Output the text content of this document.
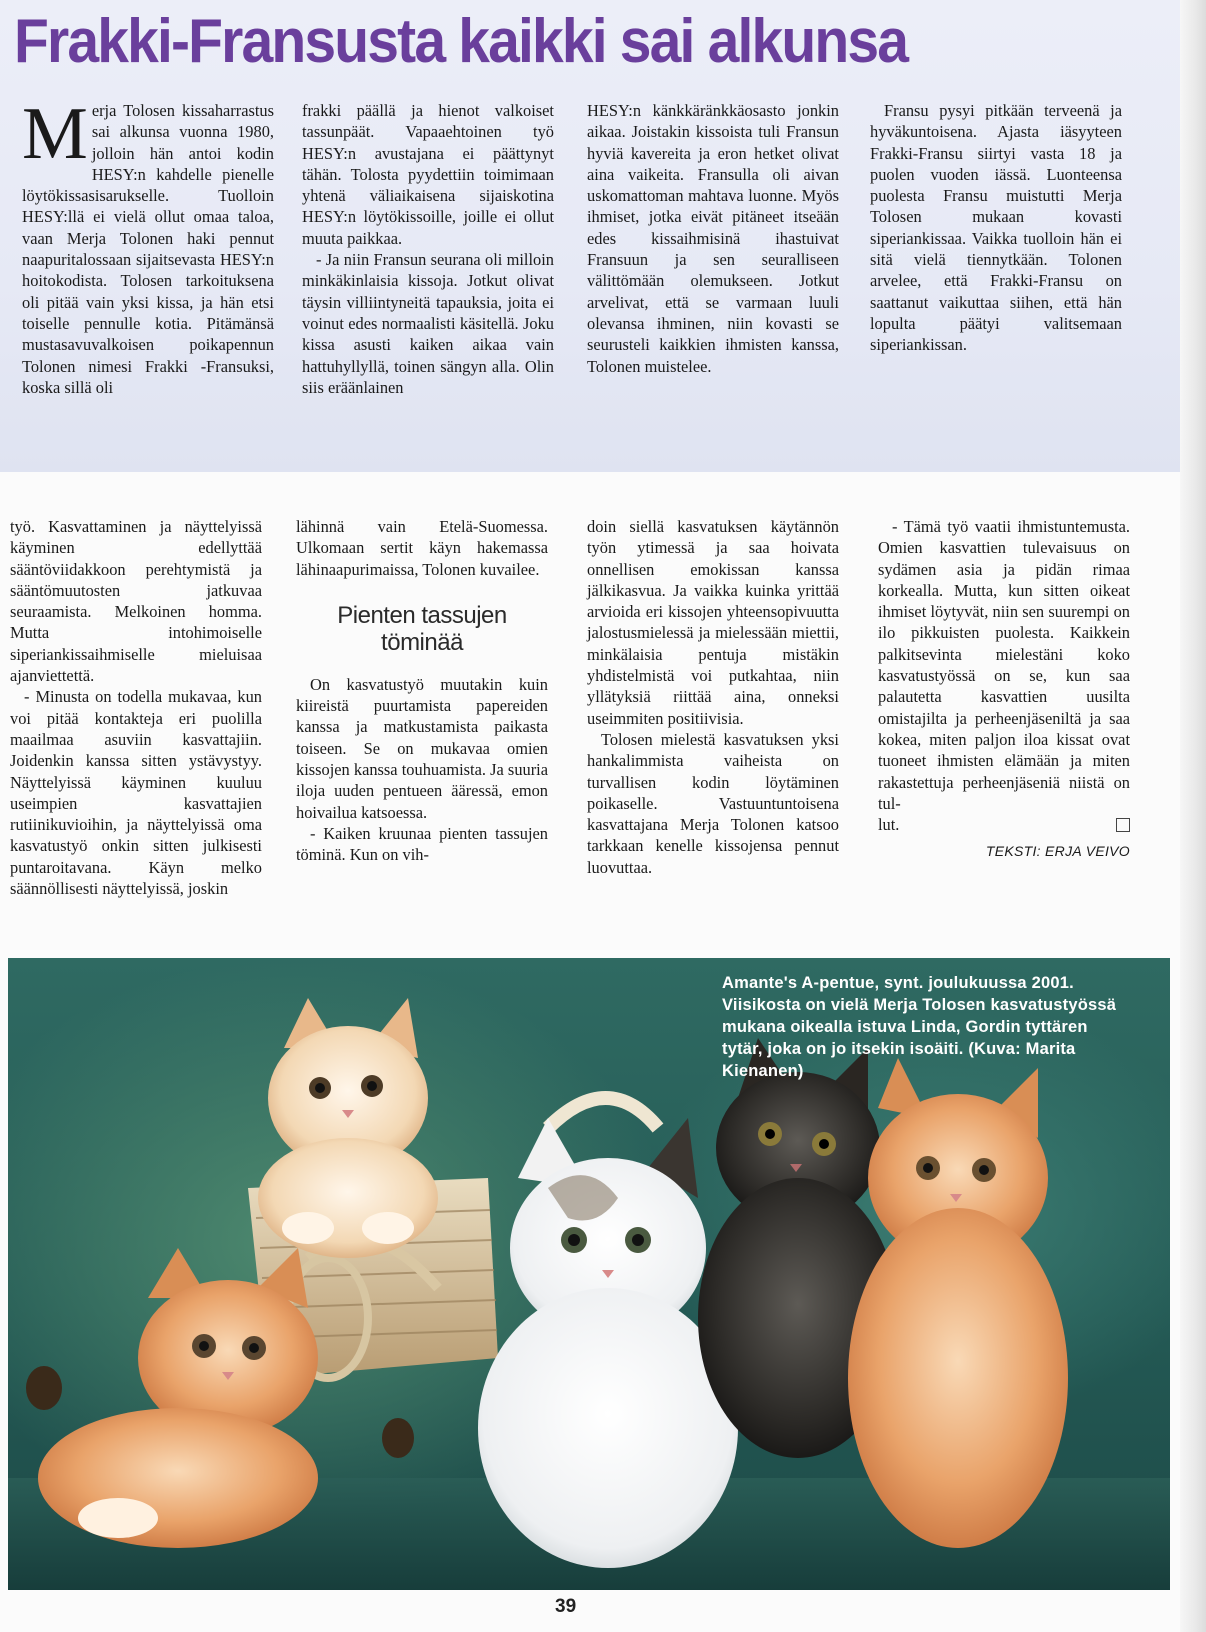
Frakki-Fransusta kaikki sai alkunsa

Merja Tolosen kissaharrastus sai alkunsa vuonna 1980, jolloin hän antoi kodin HESY:n kahdelle pienelle löytökissasisarukselle. Tuolloin HESY:llä ei vielä ollut omaa taloa, vaan Merja Tolonen haki pennut naapuritalossaan sijaitsevasta HESY:n hoitokodista. Tolosen tarkoituksena oli pitää vain yksi kissa, ja hän etsi toiselle pennulle kotia. Pitämänsä mustasavuvalkoisen poikapennun Tolonen nimesi Frakki -Fransuksi, koska sillä oli

frakki päällä ja hienot valkoiset tassunpäät. Vapaaehtoinen työ HESY:n avustajana ei päättynyt tähän. Tolosta pyydettiin toimimaan yhtenä väliaikaisena sijaiskotina HESY:n löytökissoille, joille ei ollut muuta paikkaa.

- Ja niin Fransun seurana oli milloin minkäkinlaisia kissoja. Jotkut olivat täysin villiintyneitä tapauksia, joita ei voinut edes normaalisti käsitellä. Joku kissa asusti kaiken aikaa vain hattuhyllyllä, toinen sängyn alla. Olin siis eräänlainen

HESY:n känkkäränkkäosasto jonkin aikaa. Joistakin kissoista tuli Fransun hyviä kavereita ja eron hetket olivat aina vaikeita. Fransulla oli aivan uskomattoman mahtava luonne. Myös ihmiset, jotka eivät pitäneet itseään edes kissaihmisinä ihastuivat Fransuun ja sen seuralliseen välittömään olemukseen. Jotkut arvelivat, että se varmaan luuli olevansa ihminen, niin kovasti se seurusteli kaikkien ihmisten kanssa, Tolonen muistelee.

Fransu pysyi pitkään terveenä ja hyväkuntoisena. Ajasta iäsyyteen Frakki-Fransu siirtyi vasta 18 ja puolen vuoden iässä. Luonteensa puolesta Fransu muistutti Merja Tolosen mukaan kovasti siperiankissaa. Vaikka tuolloin hän ei sitä vielä tiennytkään. Tolonen arvelee, että Frakki-Fransu on saattanut vaikuttaa siihen, että hän lopulta päätyi valitsemaan siperiankissan.

työ. Kasvattaminen ja näyttelyissä käyminen edellyttää sääntöviidakkoon perehtymistä ja sääntömuutosten jatkuvaa seuraamista. Melkoinen homma. Mutta intohimoiselle siperiankissaihmiselle mieluisaa ajanviettettä.

- Minusta on todella mukavaa, kun voi pitää kontakteja eri puolilla maailmaa asuviin kasvattajiin. Joidenkin kanssa sitten ystävystyy. Näyttelyissä käyminen kuuluu useimpien kasvattajien rutiinikuvioihin, ja näyttelyissä oma kasvatustyö onkin sitten julkisesti puntaroitavana. Käyn melko säännöllisesti näyttelyissä, joskin

lähinnä vain Etelä-Suomessa. Ulkomaan sertit käyn hakemassa lähinaapurimaissa, Tolonen kuvailee.

Pienten tassujen töminää

On kasvatustyö muutakin kuin kiireistä puurtamista papereiden kanssa ja matkustamista paikasta toiseen. Se on mukavaa omien kissojen kanssa touhuamista. Ja suuria iloja uuden pentueen ääressä, emon hoivailua katsoessa.

- Kaiken kruunaa pienten tassujen töminä. Kun on vih-

doin siellä kasvatuksen käytännön työn ytimessä ja saa hoivata onnellisen emokissan kanssa jälkikasvua. Ja vaikka kuinka yrittää arvioida eri kissojen yhteensopivuutta jalostusmielessä ja mielessään miettii, minkälaisia pentuja mistäkin yhdistelmistä voi putkahtaa, niin yllätyksiä riittää aina, onneksi useimmiten positiivisia.

Tolosen mielestä kasvatuksen yksi hankalimmista vaiheista on turvallisen kodin löytäminen poikaselle. Vastuuntuntoisena kasvattajana Merja Tolonen katsoo tarkkaan kenelle kissojensa pennut luovuttaa.

- Tämä työ vaatii ihmistuntemusta. Omien kasvattien tulevaisuus on sydämen asia ja pidän rimaa korkealla. Mutta, kun sitten oikeat ihmiset löytyvät, niin sen suurempi on ilo pikkuisten puolesta. Kaikkein palkitsevinta mielestäni koko kasvatustyössä on se, kun saa palautetta kasvattien uusilta omistajilta ja perheenjäseniltä ja saa kokea, miten paljon iloa kissat ovat tuoneet ihmisten elämään ja miten rakastettuja perheenjäseniä niistä on tul-

lut.
TEKSTI: ERJA VEIVO
Amante's A-pentue, synt. joulukuussa 2001. Viisikosta on vielä Merja Tolosen kasvatustyössä mukana oikealla istuva Linda, Gordin tyttären tytär, joka on jo itsekin isoäiti. (Kuva: Marita Kienanen)
39
